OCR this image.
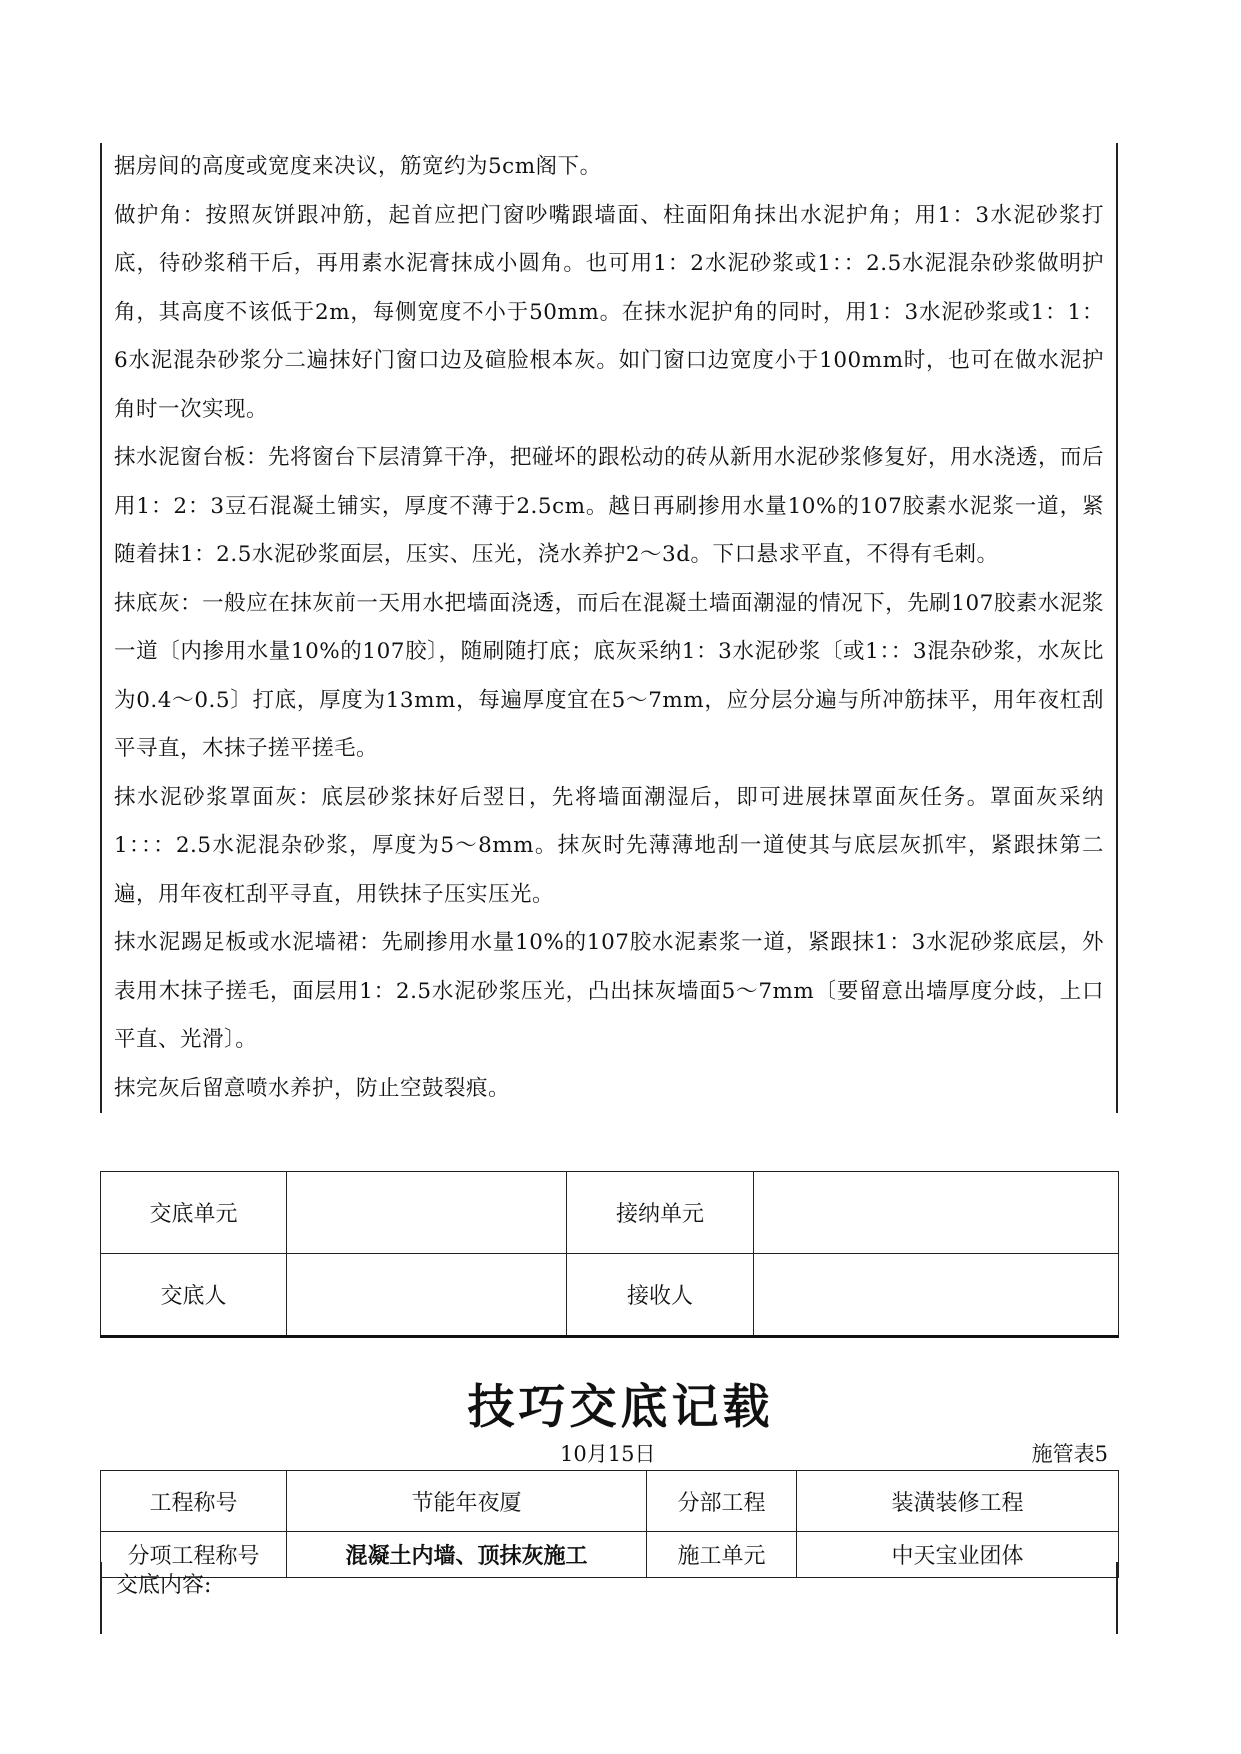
据房间的高度或宽度来决议，筋宽约为5cm阁下。

做护角：按照灰饼跟冲筋，起首应把门窗吵嘴跟墙面、柱面阳角抹出水泥护角；用1：3水泥砂浆打底，待砂浆稍干后，再用素水泥膏抹成小圆角。也可用1：2水泥砂浆或1：：2.5水泥混杂砂浆做明护角，其高度不该低于2m，每侧宽度不小于50mm。在抹水泥护角的同时，用1：3水泥砂浆或1：1：6水泥混杂砂浆分二遍抹好门窗口边及碹脸根本灰。如门窗口边宽度小于100mm时，也可在做水泥护角时一次实现。

抹水泥窗台板：先将窗台下层清算干净，把碰坏的跟松动的砖从新用水泥砂浆修复好，用水浇透，而后用1：2：3豆石混凝土铺实，厚度不薄于2.5cm。越日再刷掺用水量10%的107胶素水泥浆一道，紧随着抹1：2.5水泥砂浆面层，压实、压光，浇水养护2～3d。下口悬求平直，不得有毛刺。

抹底灰：一般应在抹灰前一天用水把墙面浇透，而后在混凝土墙面潮湿的情况下，先刷107胶素水泥浆一道〔内掺用水量10%的107胶〕，随刷随打底；底灰采纳1：3水泥砂浆〔或1：：3混杂砂浆，水灰比为0.4～0.5〕打底，厚度为13mm，每遍厚度宜在5～7mm，应分层分遍与所冲筋抹平，用年夜杠刮平寻直，木抹子搓平搓毛。

抹水泥砂浆罩面灰：底层砂浆抹好后翌日，先将墙面潮湿后，即可进展抹罩面灰任务。罩面灰采纳1：：：2.5水泥混杂砂浆，厚度为5～8mm。抹灰时先薄薄地刮一道使其与底层灰抓牢，紧跟抹第二遍，用年夜杠刮平寻直，用铁抹子压实压光。

抹水泥踢足板或水泥墙裙：先刷掺用水量10%的107胶水泥素浆一道，紧跟抹1：3水泥砂浆底层，外表用木抹子搓毛，面层用1：2.5水泥砂浆压光，凸出抹灰墙面5～7mm〔要留意出墙厚度分歧，上口平直、光滑〕。

抹完灰后留意喷水养护，防止空鼓裂痕。

交底单元		接纳单元	
交底人		接收人	
技巧交底记载
10月15日	施管表5
工程称号	节能年夜厦	分部工程	装潢装修工程
分项工程称号	混凝土内墙、顶抹灰施工	施工单元	中天宝业团体
交底内容:
